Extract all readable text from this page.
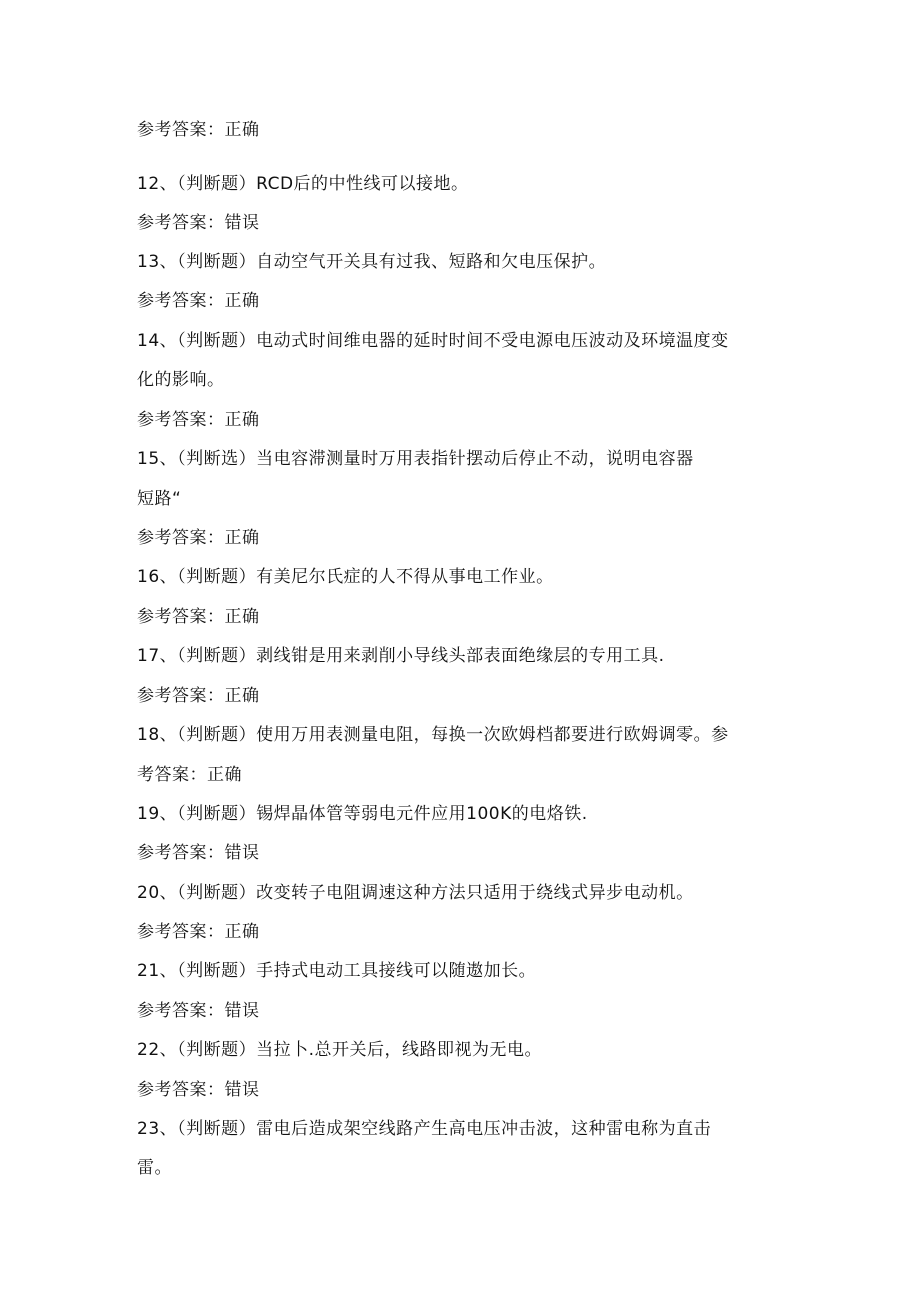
参考答案：正确
12、（判断题）RCD后的中性线可以接地。
参考答案：错误
13、（判断题）自动空气开关具有过我、短路和欠电压保护。
参考答案：正确
14、（判断题）电动式时间维电器的延时时间不受电源电压波动及环境温度变
化的影响。
参考答案：正确
15、（判断选）当电容滞测量时万用表指针摆动后停止不动，说明电容器
短路“
参考答案：正确
16、（判断题）有美尼尔氏症的人不得从事电工作业。
参考答案：正确
17、（判断题）剥线钳是用来剥削小导线头部表面绝缘层的专用工具.
参考答案：正确
18、（判断题）使用万用表测量电阻，每换一次欧姆档都要进行欧姆调零。参
考答案：正确
19、（判断题）锡焊晶体管等弱电元件应用100K的电烙铁.
参考答案：错误
20、（判断题）改变转子电阻调速这种方法只适用于绕线式异步电动机。
参考答案：正确
21、（判断题）手持式电动工具接线可以随遨加长。
参考答案：错误
22、（判断题）当拉卜.总开关后，线路即视为无电。
参考答案：错误
23、（判断题）雷电后造成架空线路产生高电压冲击波，这种雷电称为直击
雷。
